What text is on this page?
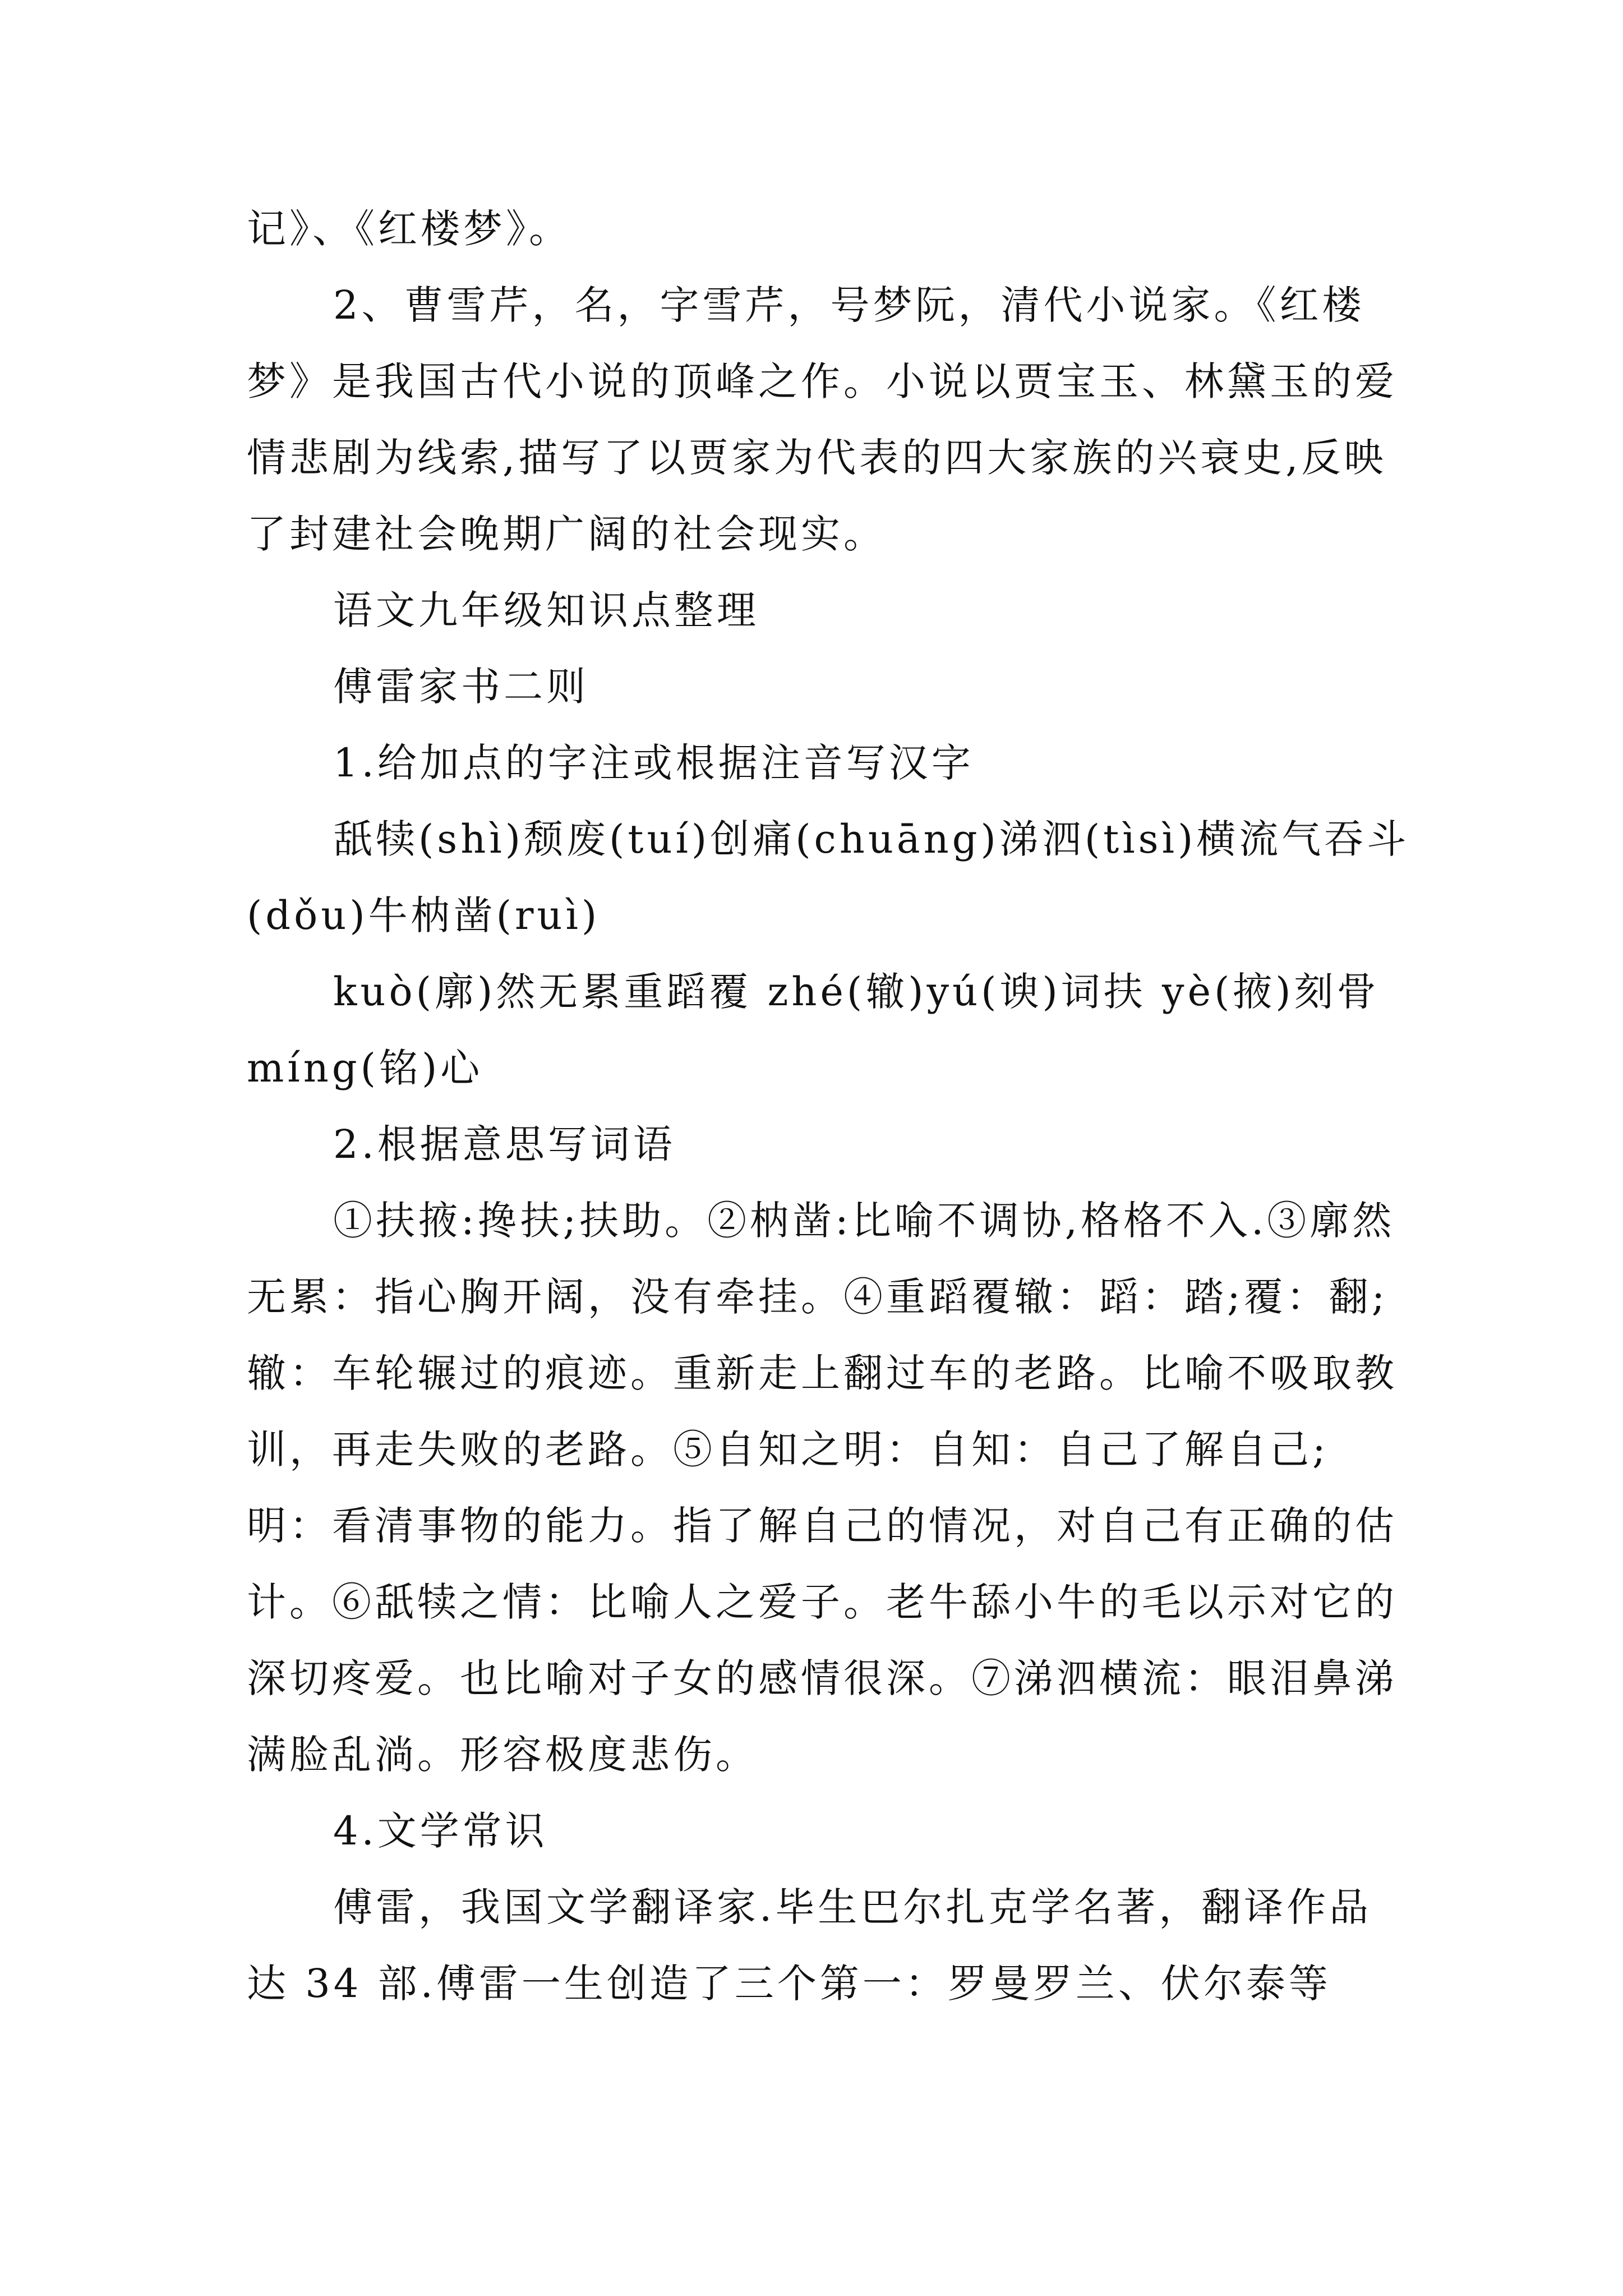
记》、《红楼梦》。

2、曹雪芹，名，字雪芹，号梦阮，清代小说家。《红楼梦》是我国古代小说的顶峰之作。小说以贾宝玉、林黛玉的爱情悲剧为线索,描写了以贾家为代表的四大家族的兴衰史,反映了封建社会晚期广阔的社会现实。

语文九年级知识点整理

傅雷家书二则

1.给加点的字注或根据注音写汉字

舐犊(shì)颓废(tuí)创痛(chuāng)涕泗(tìsì)横流气吞斗(dǒu)牛枘凿(ruì)

kuò(廓)然无累重蹈覆 zhé(辙)yú(谀)词扶 yè(掖)刻骨 míng(铭)心

2.根据意思写词语

①扶掖:搀扶;扶助。②枘凿:比喻不调协,格格不入.③廓然无累：指心胸开阔，没有牵挂。④重蹈覆辙：蹈：踏;覆：翻;辙：车轮辗过的痕迹。重新走上翻过车的老路。比喻不吸取教训，再走失败的老路。⑤自知之明：自知：自己了解自己;明：看清事物的能力。指了解自己的情况，对自己有正确的估计。⑥舐犊之情：比喻人之爱子。老牛舔小牛的毛以示对它的深切疼爱。也比喻对子女的感情很深。⑦涕泗横流：眼泪鼻涕满脸乱淌。形容极度悲伤。

4.文学常识

傅雷，我国文学翻译家.毕生巴尔扎克学名著，翻译作品达 34 部.傅雷一生创造了三个第一：罗曼罗兰、伏尔泰等
